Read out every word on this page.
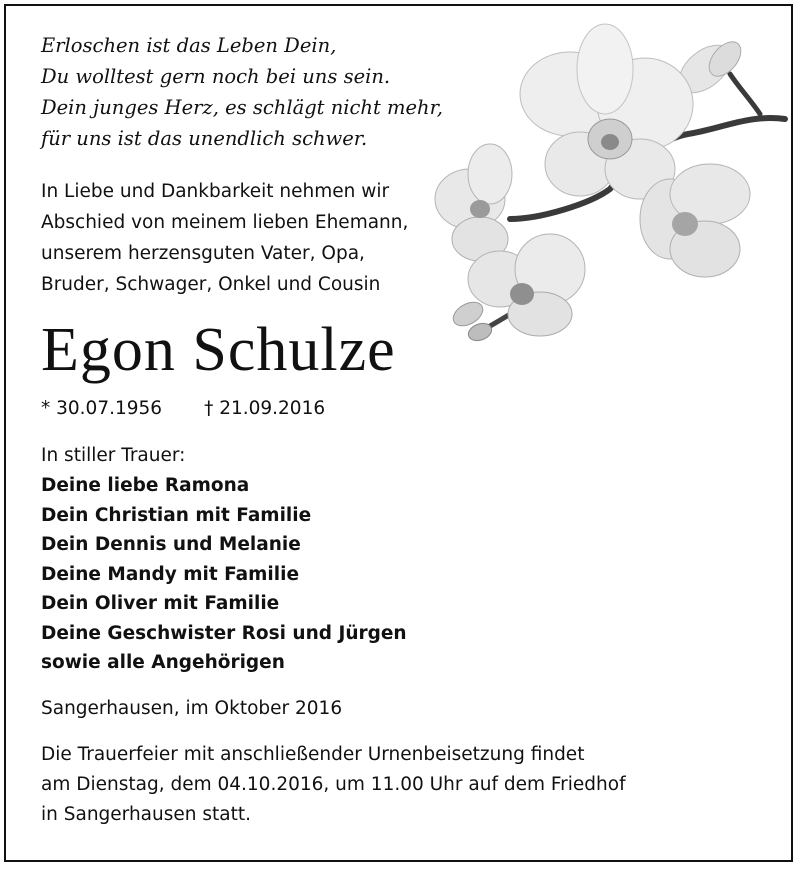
Erloschen ist das Leben Dein,
Du wolltest gern noch bei uns sein.
Dein junges Herz, es schlägt nicht mehr,
für uns ist das unendlich schwer.
In Liebe und Dankbarkeit nehmen wir
Abschied von meinem lieben Ehemann,
unserem herzensguten Vater, Opa,
Bruder, Schwager, Onkel und Cousin
Egon Schulze
* 30.07.1956 † 21.09.2016
In stiller Trauer:
Deine liebe Ramona
Dein Christian mit Familie
Dein Dennis und Melanie
Deine Mandy mit Familie
Dein Oliver mit Familie
Deine Geschwister Rosi und Jürgen
sowie alle Angehörigen
Sangerhausen, im Oktober 2016
Die Trauerfeier mit anschließender Urnenbeisetzung findet
am Dienstag, dem 04.10.2016, um 11.00 Uhr auf dem Friedhof
in Sangerhausen statt.
